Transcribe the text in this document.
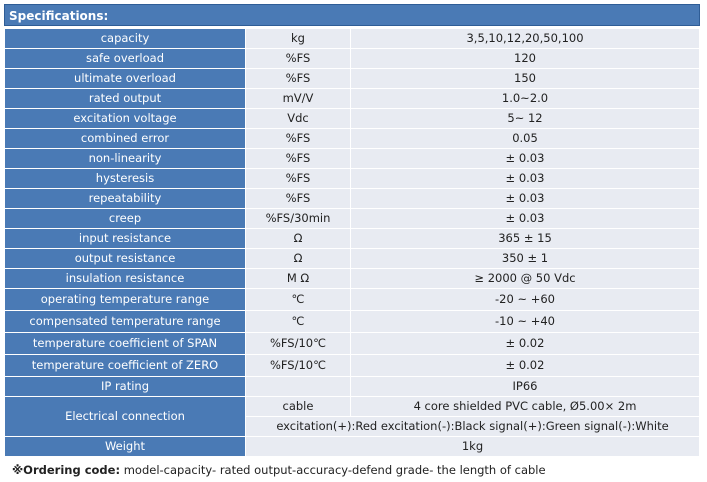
Specifications:
capacity	kg	3,5,10,12,20,50,100
safe overload	%FS	120
ultimate overload	%FS	150
rated output	mV/V	1.0~2.0
excitation voltage	Vdc	5~ 12
combined error	%FS	0.05
non-linearity	%FS	± 0.03
hysteresis	%FS	± 0.03
repeatability	%FS	± 0.03
creep	%FS/30min	± 0.03
input resistance	Ω	365 ± 15
output resistance	Ω	350 ± 1
insulation resistance	M Ω	≥ 2000 @ 50 Vdc
operating temperature range	℃	-20 ~ +60
compensated temperature range	℃	-10 ~ +40
temperature coefficient of SPAN	%FS/10℃	± 0.02
temperature coefficient of ZERO	%FS/10℃	± 0.02
IP rating		IP66
Electrical connection	cable	4 core shielded PVC cable, Ø5.00× 2m
	excitation(+):Red excitation(-):Black signal(+):Green signal(-):White	
Weight	1kg	
※Ordering code: model-capacity- rated output-accuracy-defend grade- the length of cable
